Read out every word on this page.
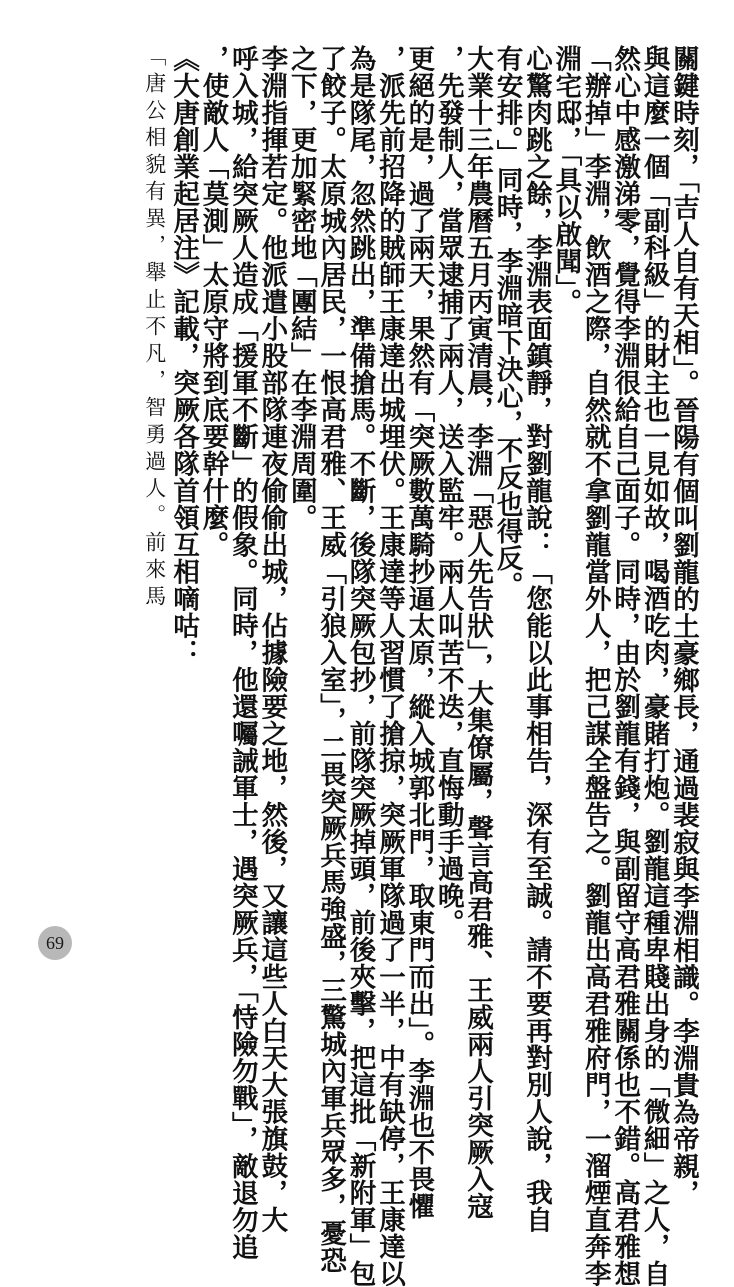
關鍵時刻，「吉人自有天相」。晉陽有個叫劉龍的土豪鄉長，通過裴寂與李淵相識。李淵貴為帝親，
與這麼一個「副科級」的財主也一見如故，喝酒吃肉，豪賭打炮。劉龍這種卑賤出身的「微細」之人，自
然心中感激涕零，覺得李淵很給自己面子。同時，由於劉龍有錢，與副留守高君雅關係也不錯。高君雅想
「辦掉」李淵，飲酒之際，自然就不拿劉龍當外人，把己謀全盤告之。劉龍出高君雅府門，一溜煙直奔李
淵宅邸，「具以啟聞」。
心驚肉跳之餘，李淵表面鎮靜，對劉龍說：「您能以此事相告，深有至誠。請不要再對別人說，我自
有安排。」同時，李淵暗下決心，不反也得反。
大業十三年農曆五月丙寅清晨，李淵「惡人先告狀」，大集僚屬，聲言高君雅、王威兩人引突厥入寇
，先發制人，當眾逮捕了兩人，送入監牢。兩人叫苦不迭，直悔動手過晚。
更絕的是，過了兩天，果然有「突厥數萬騎抄逼太原，縱入城郭北門，取東門而出」。李淵也不畏懼
，派先前招降的賊師王康達出城埋伏。王康達等人習慣了搶掠，突厥軍隊過了一半，中有缺停，王康達以
為是隊尾，忽然跳出，準備搶馬。不斷，後隊突厥包抄，前隊突厥掉頭，前後夾擊，把這批「新附軍」包
了餃子。太原城內居民，一恨高君雅、王威「引狼入室」，二畏突厥兵馬強盛，三驚城內軍兵眾多，憂恐
之下，更加緊密地「團結」在李淵周圍。
李淵指揮若定。他派遣小股部隊連夜偷偷出城，佔據險要之地，然後，又讓這些人白天大張旗鼓，大
呼入城，給突厥人造成「援軍不斷」的假象。同時，他還囑誡軍士，遇突厥兵，「恃險勿戰」，敵退勿追
，使敵人「莫測」太原守將到底要幹什麼。
《大唐創業起居注》記載，突厥各隊首領互相嘀咕：
「唐公相貌有異，舉止不凡，智勇過人。前來馬
69
